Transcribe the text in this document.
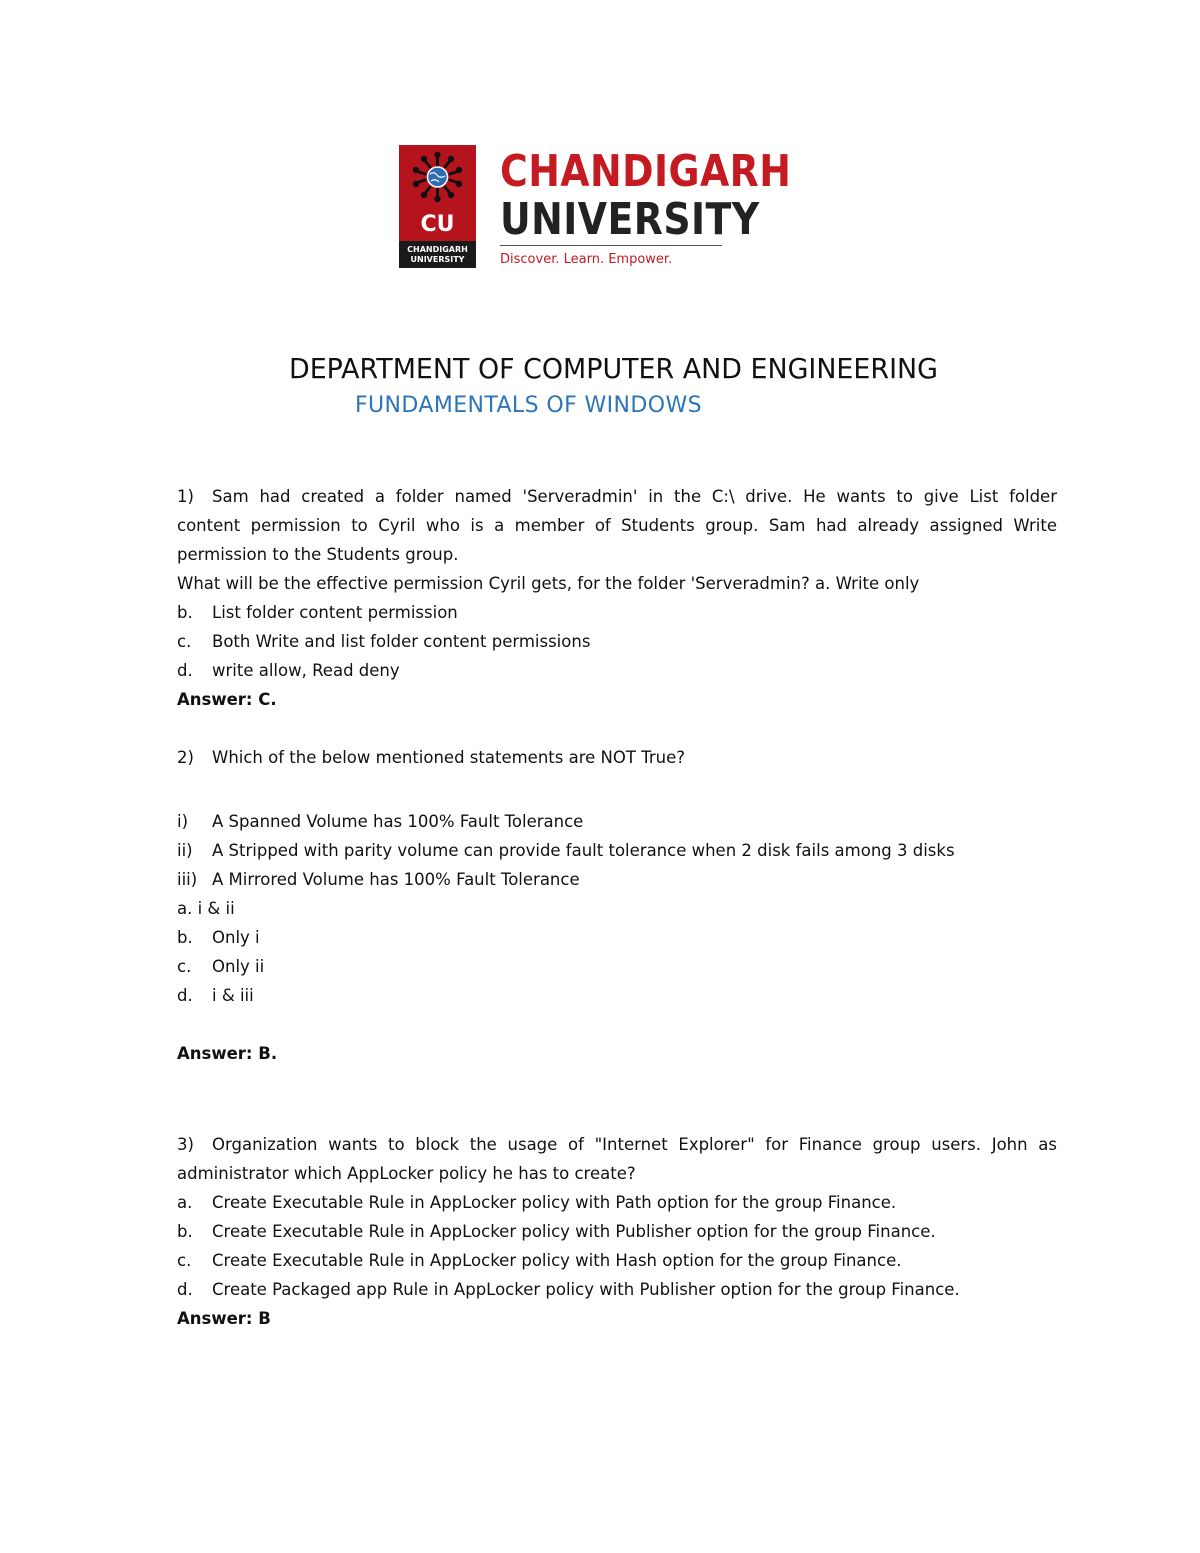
CU
CHANDIGARH
UNIVERSITY
CHANDIGARH
UNIVERSITY
Discover. Learn. Empower.
DEPARTMENT OF COMPUTER AND ENGINEERING
FUNDAMENTALS OF WINDOWS
1)	Sam had created a folder named 'Serveradmin' in the C:\ drive. He wants to give List folder

content permission to Cyril who is a member of Students group. Sam had already assigned Write

permission to the Students group.

What will be the effective permission Cyril gets, for the folder 'Serveradmin? a. Write only

b.	List folder content permission
c.	Both Write and list folder content permissions
d.	write allow, Read deny

Answer: C.

2)	Which of the below mentioned statements are NOT True?
i)	A Spanned Volume has 100% Fault Tolerance
ii)	A Stripped with parity volume can provide fault tolerance when 2 disk fails among 3 disks
iii) A Mirrored Volume has 100% Fault Tolerance

a. i & ii

b.	Only i
c.	Only ii
d.	i & iii

Answer: B.

3)	Organization wants to block the usage of "Internet Explorer" for Finance group users. John as

administrator which AppLocker policy he has to create?

a.	Create Executable Rule in AppLocker policy with Path option for the group Finance.
b.	Create Executable Rule in AppLocker policy with Publisher option for the group Finance.
c.	Create Executable Rule in AppLocker policy with Hash option for the group Finance.
d.	Create Packaged app Rule in AppLocker policy with Publisher option for the group Finance.

Answer: B
